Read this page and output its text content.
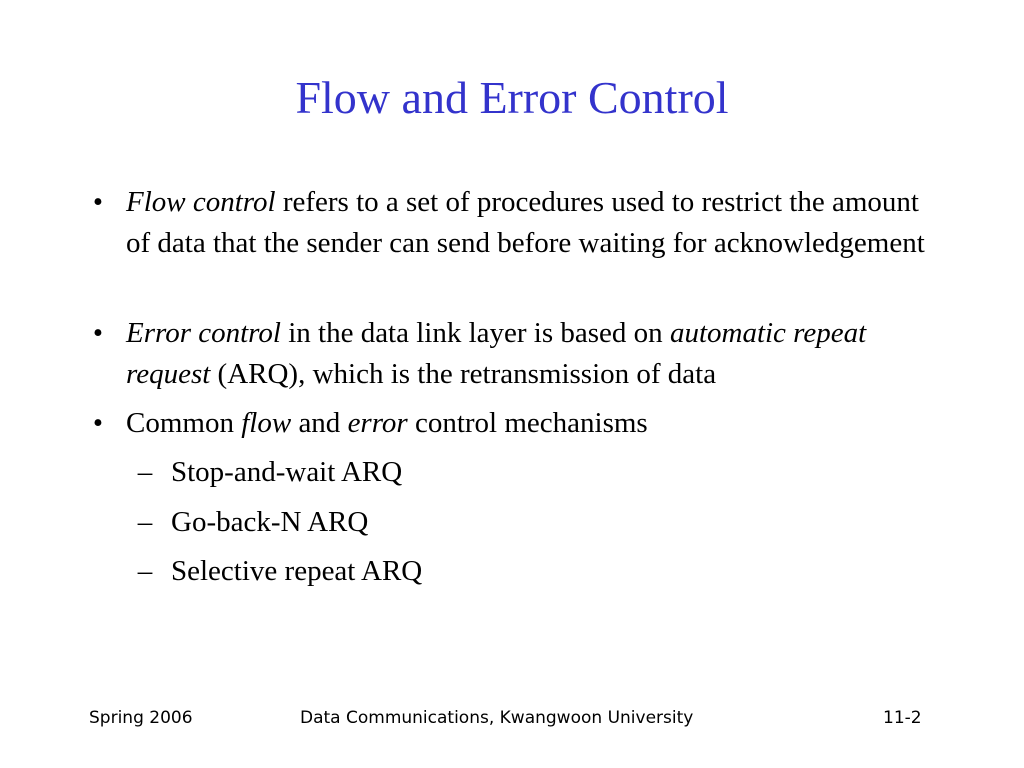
Flow and Error Control
• Flow control refers to a set of procedures used to restrict the amount of data that the sender can send before waiting for acknowledgement
• Error control in the data link layer is based on automatic repeat request (ARQ), which is the retransmission of data
• Common flow and error control mechanisms
– Stop-and-wait ARQ
– Go-back-N ARQ
– Selective repeat ARQ
Spring 2006	Data Communications, Kwangwoon University	11-2
